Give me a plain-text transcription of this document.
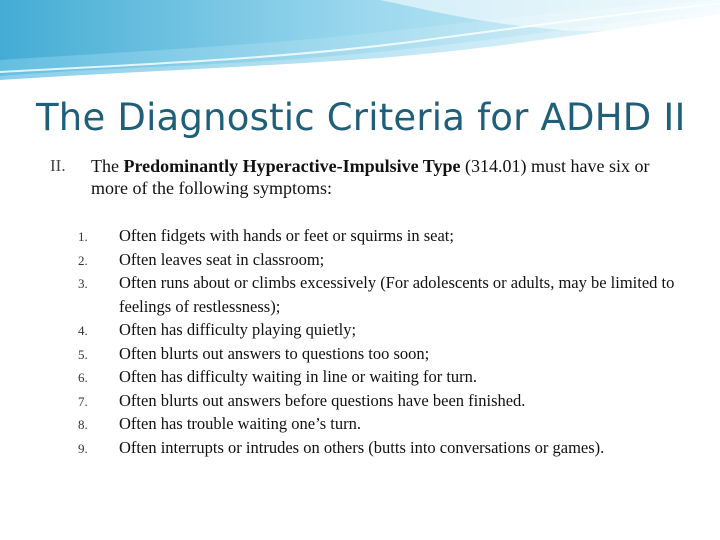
The Diagnostic Criteria for ADHD II
II. The Predominantly Hyperactive-Impulsive Type (314.01) must have six or more of the following symptoms:
1. Often fidgets with hands or feet or squirms in seat;
2. Often leaves seat in classroom;
3. Often runs about or climbs excessively (For adolescents or adults, may be limited to feelings of restlessness);
4. Often has difficulty playing quietly;
5. Often blurts out answers to questions too soon;
6. Often has difficulty waiting in line or waiting for turn.
7. Often blurts out answers before questions have been finished.
8. Often has trouble waiting one’s turn.
9. Often interrupts or intrudes on others (butts into conversations or games).
